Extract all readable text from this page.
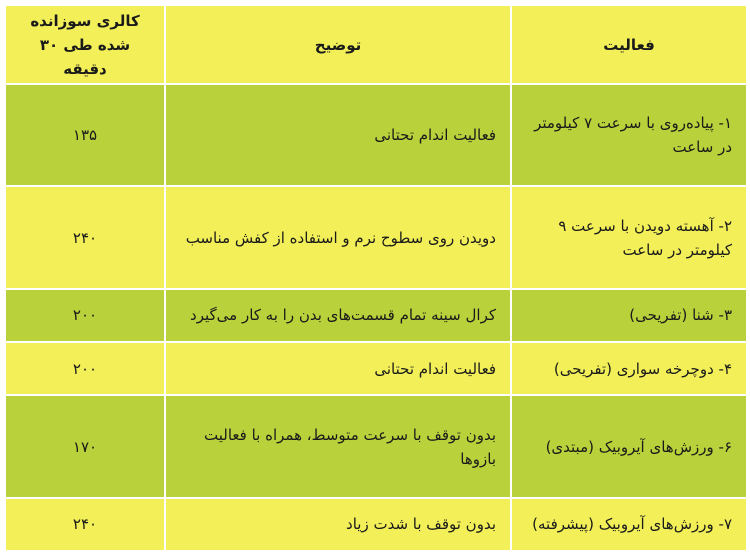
فعالیت	توضیح	کالری سوزانده شده طی ۳۰ دقیقه
۱- پیاده‌روی با سرعت ۷ کیلومتر در ساعت	فعالیت اندام تحتانی	۱۳۵
۲- آهسته دویدن با سرعت ۹ کیلومتر در ساعت	دویدن روی سطوح نرم و استفاده از کفش مناسب	۲۴۰
۳- شنا (تفریحی)	کرال سینه تمام قسمت‌های بدن را به کار می‌گیرد	۲۰۰
۴- دوچرخه سواری (تفریحی)	فعالیت اندام تحتانی	۲۰۰
۶- ورزش‌های آیروبیک (مبتدی)	بدون توقف با سرعت متوسط، همراه با فعالیت بازوها	۱۷۰
۷- ورزش‌های آیروبیک (پیشرفته)	بدون توقف با شدت زیاد	۲۴۰
